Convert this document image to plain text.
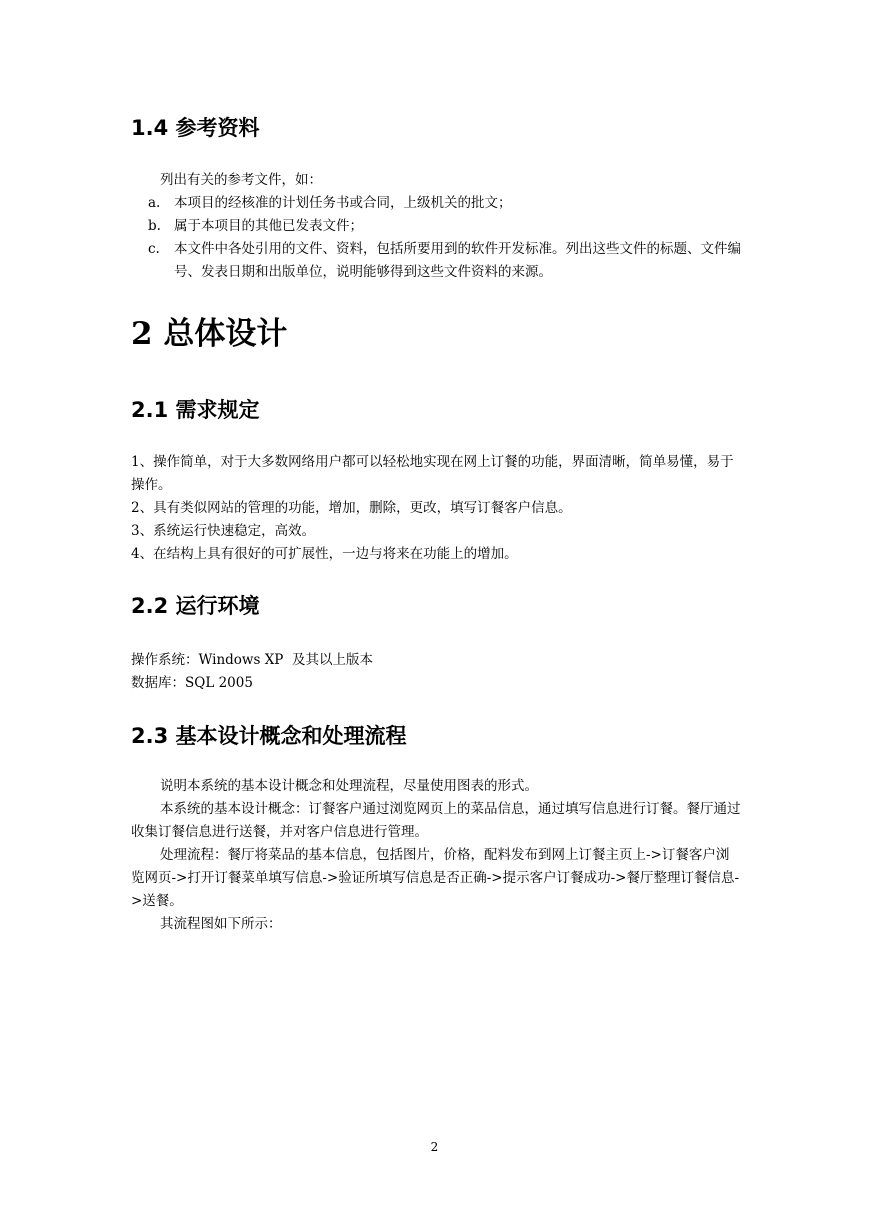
1.4 参考资料

列出有关的参考文件，如：

a. 本项目的经核准的计划任务书或合同，上级机关的批文；

b. 属于本项目的其他已发表文件；

c. 本文件中各处引用的文件、资料，包括所要用到的软件开发标准。列出这些文件的标题、文件编号、发表日期和出版单位，说明能够得到这些文件资料的来源。

2 总体设计
2.1 需求规定

1、操作简单，对于大多数网络用户都可以轻松地实现在网上订餐的功能，界面清晰，简单易懂，易于操作。

2、具有类似网站的管理的功能，增加，删除，更改，填写订餐客户信息。

3、系统运行快速稳定，高效。

4、在结构上具有很好的可扩展性，一边与将来在功能上的增加。

2.2 运行环境

操作系统：Windows XP  及其以上版本

数据库：SQL 2005

2.3 基本设计概念和处理流程

说明本系统的基本设计概念和处理流程，尽量使用图表的形式。

本系统的基本设计概念：订餐客户通过浏览网页上的菜品信息，通过填写信息进行订餐。餐厅通过收集订餐信息进行送餐，并对客户信息进行管理。

处理流程：餐厅将菜品的基本信息，包括图片，价格，配料发布到网上订餐主页上->订餐客户浏览网页->打开订餐菜单填写信息->验证所填写信息是否正确->提示客户订餐成功->餐厅整理订餐信息->送餐。

其流程图如下所示：

2
